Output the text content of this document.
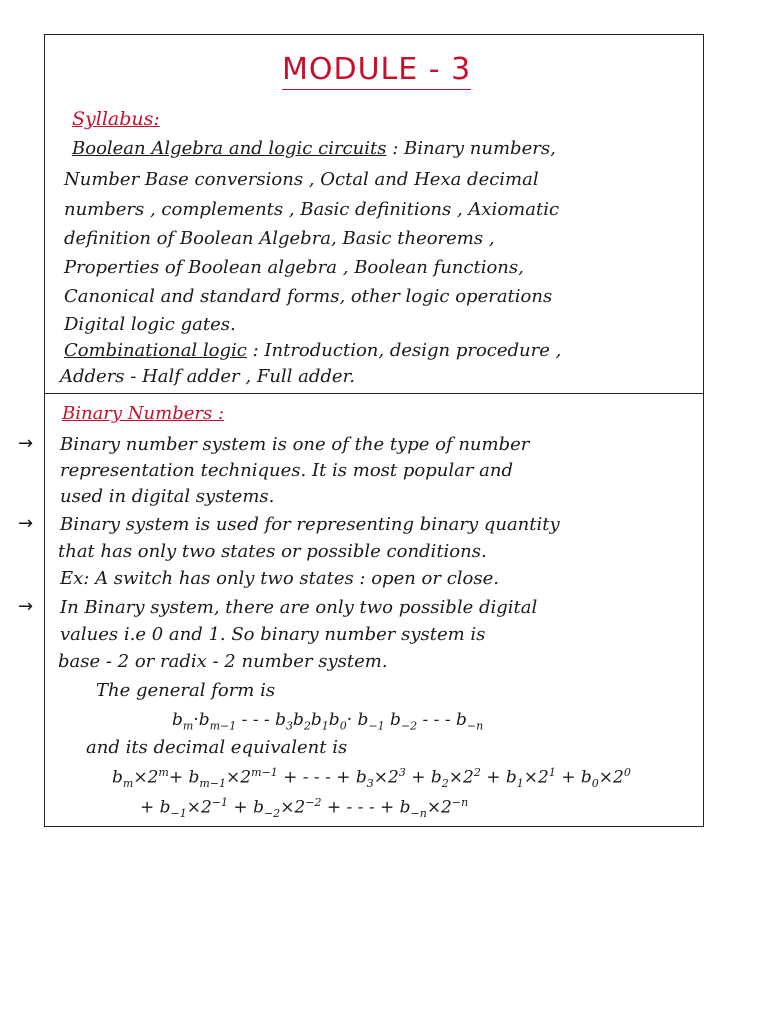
MODULE - 3
Syllabus:
Boolean Algebra and logic circuits : Binary numbers,
Number Base conversions , Octal and Hexa decimal
numbers , complements , Basic definitions , Axiomatic
definition of Boolean Algebra, Basic theorems ,
Properties of Boolean algebra , Boolean functions,
Canonical and standard forms, other logic operations
Digital logic gates.
Combinational logic : Introduction, design procedure ,
Adders - Half adder , Full adder.
Binary Numbers :
→ Binary number system is one of the type of number
representation techniques. It is most popular and
used in digital systems.
→ Binary system is used for representing binary quantity
that has only two states or possible conditions.
Ex: A switch has only two states : open or close.
→ In Binary system, there are only two possible digital
values i.e 0 and 1. So binary number system is
base - 2 or radix - 2 number system.
The general form is
$b_m\cdot b_{m-1}$ - - - $b_3b_2b_1b_0\cdot b_{-1}$ $b_{-2}$ - - - $b_{-n}$
and its decimal equivalent is
$b_m\times 2^m+ b_{m-1}\times 2^{m-1}$ + - - - + $b_3\times 2^3 + b_2\times 2^2 + b_1\times 2^1 + b_0\times 2^0$
+ $b_{-1}\times 2^{-1} + b_{-2}\times 2^{-2}$ + - - - + $b_{-n}\times 2^{-n}$
